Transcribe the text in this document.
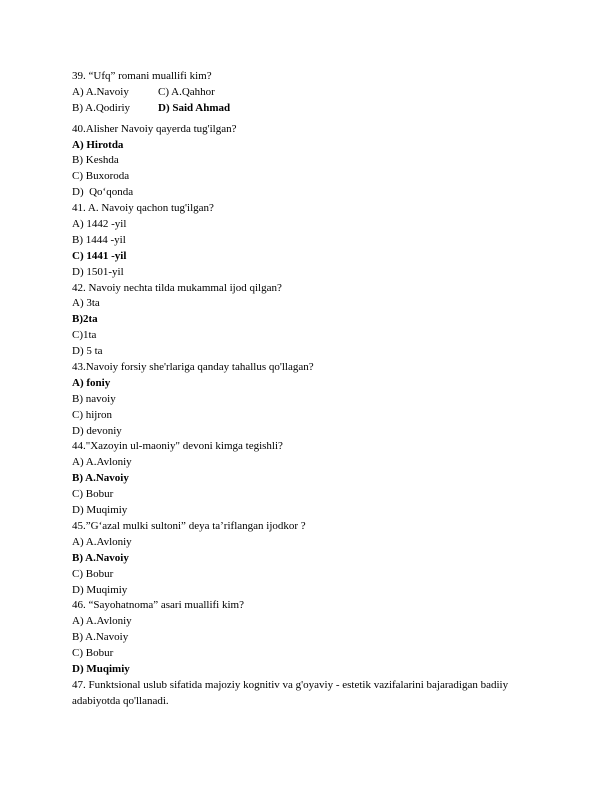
39. “Ufq” romani muallifi kim?
A) A.Navoiy	C) A.Qahhor
B) A.Qodiriy	D) Said Ahmad
40.Alisher Navoiy qayerda tug'ilgan?
A) Hirotda
B) Keshda
C) Buxoroda
D)  Qo‘qonda
41. A. Navoiy qachon tug'ilgan?
A) 1442 -yil
B) 1444 -yil
C) 1441 -yil
D) 1501-yil
42. Navoiy nechta tilda mukammal ijod qilgan?
A) 3ta
B)2ta
C)1ta
D) 5 ta
43.Navoiy forsiy she'rlariga qanday tahallus qo'llagan?
A) foniy
B) navoiy
C) hijron
D) devoniy
44."Xazoyin ul-maoniy" devoni kimga tegishli?
A) A.Avloniy
B) A.Navoiy
C) Bobur
D) Muqimiy
45.”G‘azal mulki sultoni” deya ta’riflangan ijodkor ?
A) A.Avloniy
B) A.Navoiy
C) Bobur
D) Muqimiy
46. “Sayohatnoma” asari muallifi kim?
A) A.Avloniy
B) A.Navoiy
C) Bobur
D) Muqimiy
47. Funktsional uslub sifatida majoziy kognitiv va g'oyaviy - estetik vazifalarini bajaradigan badiiy adabiyotda qo'llanadi.
